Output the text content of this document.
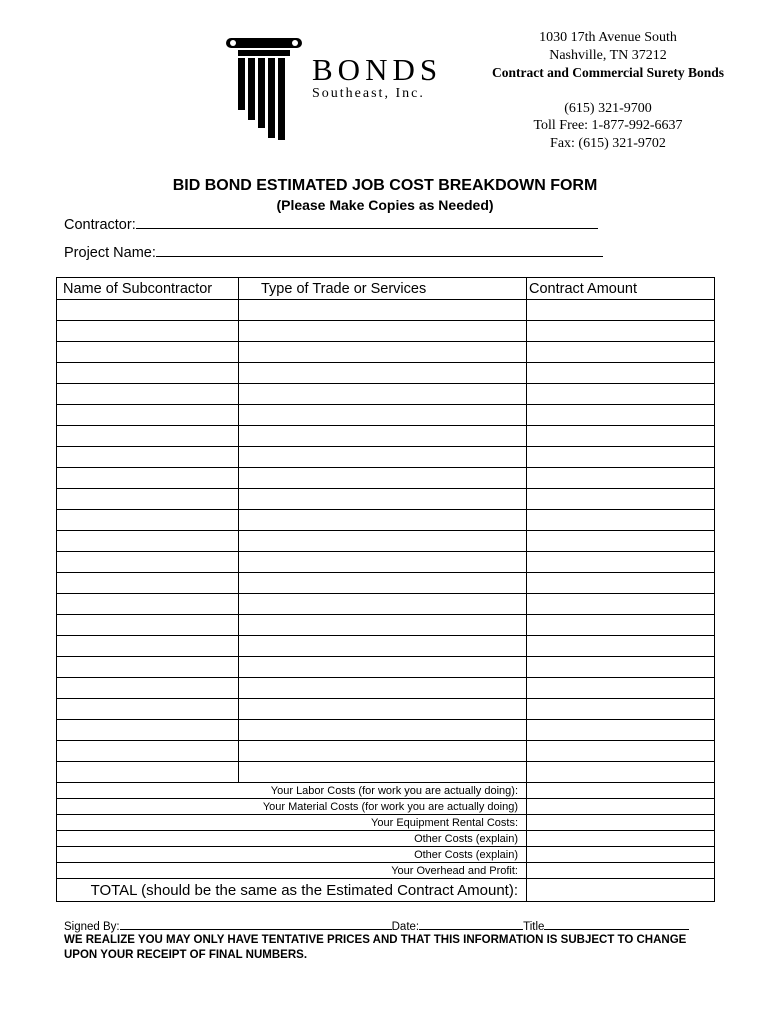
BONDS
Southeast, Inc.
1030 17th Avenue South
Nashville, TN 37212
Contract and Commercial Surety Bonds
(615) 321-9700
Toll Free: 1-877-992-6637
Fax: (615) 321-9702
BID BOND ESTIMATED JOB COST BREAKDOWN FORM
(Please Make Copies as Needed)
Contractor:
Project Name:
Name of Subcontractor	Type of Trade or Services	Contract Amount

Your Labor Costs (for work you are actually doing):	
Your Material Costs (for work you are actually doing)	
Your Equipment Rental Costs:	
Other Costs (explain)	
Other Costs (explain)	
Your Overhead and Profit:	
TOTAL (should be the same as the Estimated Contract Amount):	
Signed By:	Date:	Title
WE REALIZE YOU MAY ONLY HAVE TENTATIVE PRICES AND THAT THIS INFORMATION IS SUBJECT TO CHANGE UPON YOUR RECEIPT OF FINAL NUMBERS.
